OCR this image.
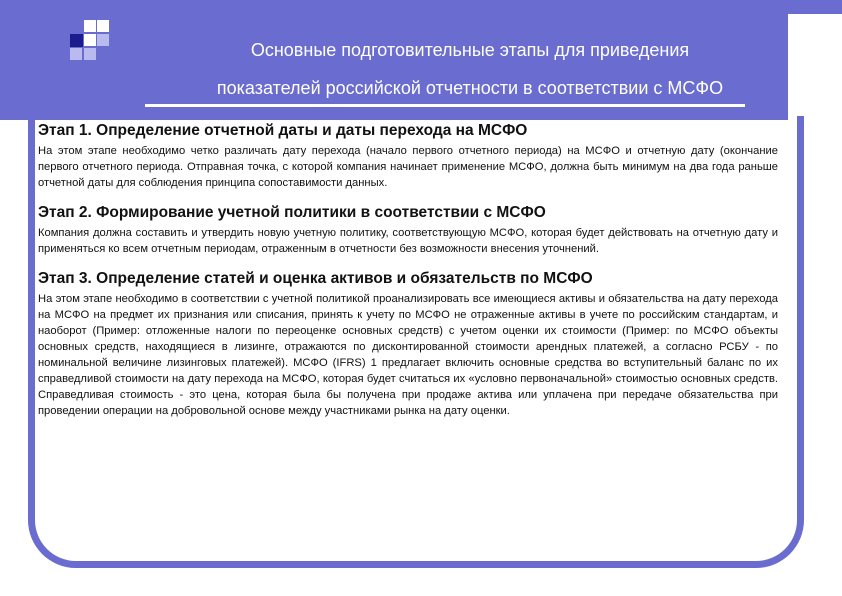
Основные подготовительные этапы для приведения
показателей российской отчетности в соответствии с МСФО
Этап 1. Определение отчетной даты и даты перехода на МСФО
На этом этапе необходимо четко различать дату перехода (начало первого отчетного периода) на МСФО и отчетную дату (окончание первого отчетного периода. Отправная точка, с которой компания начинает применение МСФО, должна быть минимум на два года раньше отчетной даты для соблюдения принципа сопоставимости данных.
Этап 2. Формирование учетной политики в соответствии с МСФО
Компания должна составить и утвердить новую учетную политику, соответствующую МСФО, которая будет действовать на отчетную дату и применяться ко всем отчетным периодам, отраженным в отчетности без возможности внесения уточнений.
Этап 3. Определение статей и оценка активов и обязательств по МСФО
На этом этапе необходимо в соответствии с учетной политикой проанализировать все имеющиеся активы и обязательства на дату перехода на МСФО на предмет их признания или списания, принять к учету по МСФО не отраженные активы в учете по российским стандартам, и наоборот (Пример: отложенные налоги по переоценке основных средств) с учетом оценки их стоимости (Пример: по МСФО объекты основных средств, находящиеся в лизинге, отражаются по дисконтированной стоимости арендных платежей, а согласно РСБУ - по номинальной величине лизинговых платежей). МСФО (IFRS) 1 предлагает включить основные средства во вступительный баланс по их справедливой стоимости на дату перехода на МСФО, которая будет считаться их «условно первоначальной» стоимостью основных средств. Справедливая стоимость - это цена, которая была бы получена при продаже актива или уплачена при передаче обязательства при проведении операции на добровольной основе между участниками рынка на дату оценки.
